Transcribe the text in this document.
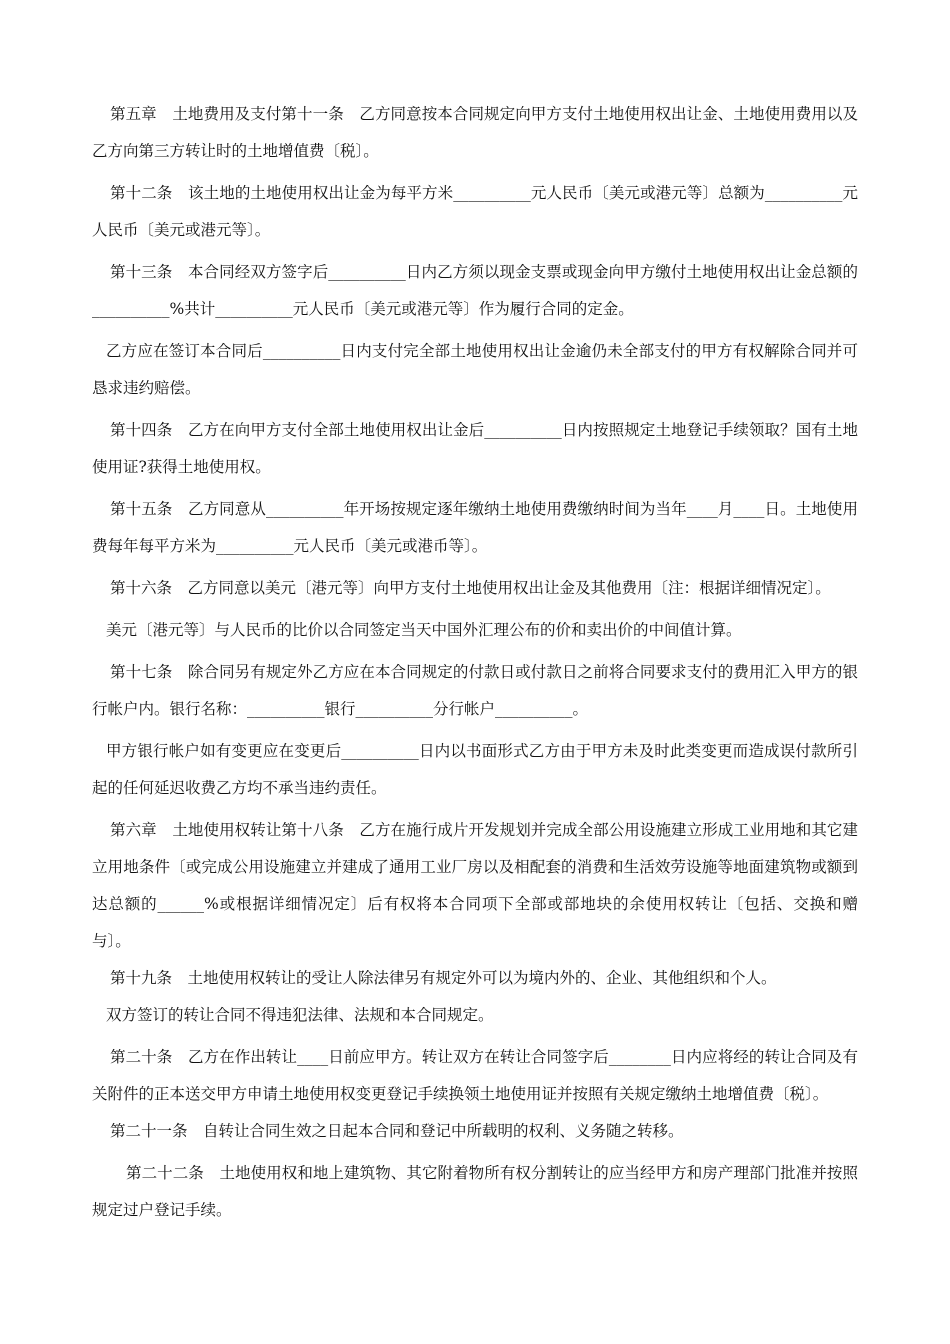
第五章　土地费用及支付第十一条　乙方同意按本合同规定向甲方支付土地使用权出让金、土地使用费用以及乙方向第三方转让时的土地增值费〔税〕。

第十二条　该土地的土地使用权出让金为每平方米__________元人民币〔美元或港元等〕总额为__________元人民币〔美元或港元等〕。

第十三条　本合同经双方签字后__________日内乙方须以现金支票或现金向甲方缴付土地使用权出让金总额的__________%共计__________元人民币〔美元或港元等〕作为履行合同的定金。

乙方应在签订本合同后__________日内支付完全部土地使用权出让金逾仍未全部支付的甲方有权解除合同并可恳求违约赔偿。

第十四条　乙方在向甲方支付全部土地使用权出让金后__________日内按照规定土地登记手续领取？国有土地使用证?获得土地使用权。

第十五条　乙方同意从__________年开场按规定逐年缴纳土地使用费缴纳时间为当年____月____日。土地使用费每年每平方米为__________元人民币〔美元或港币等〕。

第十六条　乙方同意以美元〔港元等〕向甲方支付土地使用权出让金及其他费用〔注：根据详细情况定〕。

美元〔港元等〕与人民币的比价以合同签定当天中国外汇理公布的价和卖出价的中间值计算。

第十七条　除合同另有规定外乙方应在本合同规定的付款日或付款日之前将合同要求支付的费用汇入甲方的银行帐户内。银行名称：__________银行__________分行帐户__________。

甲方银行帐户如有变更应在变更后__________日内以书面形式乙方由于甲方未及时此类变更而造成误付款所引起的任何延迟收费乙方均不承当违约责任。

第六章　土地使用权转让第十八条　乙方在施行成片开发规划并完成全部公用设施建立形成工业用地和其它建立用地条件〔或完成公用设施建立并建成了通用工业厂房以及相配套的消费和生活效劳设施等地面建筑物或额到达总额的______%或根据详细情况定〕后有权将本合同项下全部或部地块的余使用权转让〔包括、交换和赠与〕。

第十九条　土地使用权转让的受让人除法律另有规定外可以为境内外的、企业、其他组织和个人。

双方签订的转让合同不得违犯法律、法规和本合同规定。

第二十条　乙方在作出转让____日前应甲方。转让双方在转让合同签字后________日内应将经的转让合同及有关附件的正本送交甲方申请土地使用权变更登记手续换领土地使用证并按照有关规定缴纳土地增值费〔税〕。

第二十一条　自转让合同生效之日起本合同和登记中所载明的权利、义务随之转移。

第二十二条　土地使用权和地上建筑物、其它附着物所有权分割转让的应当经甲方和房产理部门批准并按照规定过户登记手续。
